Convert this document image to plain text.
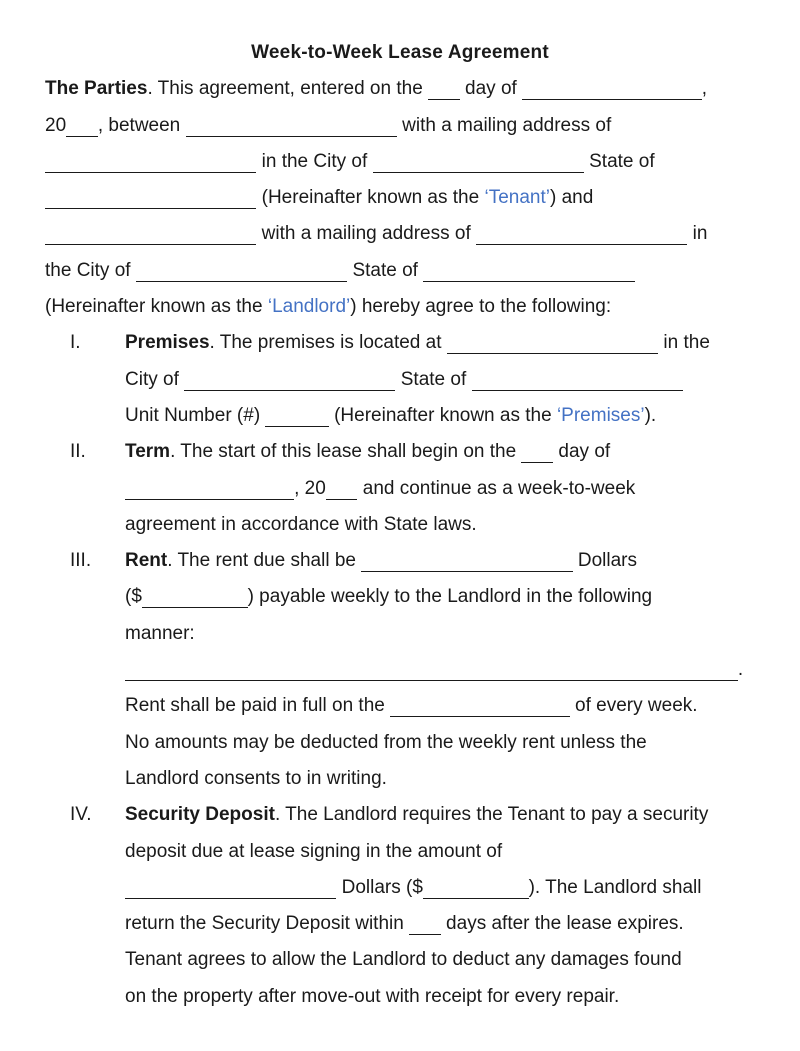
Week-to-Week Lease Agreement
The Parties. This agreement, entered on the day of	,
20 , between	with a mailing address of
in the City of	State of
(Hereinafter known as the ‘Tenant’) and
with a mailing address of	in
the City of	State of
(Hereinafter known as the ‘Landlord’) hereby agree to the following:
I. Premises. The premises is located at	in the
City of	State of
Unit Number (#)	(Hereinafter known as the ‘Premises’).
II. Term. The start of this lease shall begin on the day of
, 20 and continue as a week-to-week
agreement in accordance with State laws.
III. Rent. The rent due shall be	Dollars
($	) payable weekly to the Landlord in the following
manner:
.
Rent shall be paid in full on the	of every week.
No amounts may be deducted from the weekly rent unless the
Landlord consents to in writing.
IV. Security Deposit. The Landlord requires the Tenant to pay a security
deposit due at lease signing in the amount of
Dollars ($	). The Landlord shall
return the Security Deposit within days after the lease expires.
Tenant agrees to allow the Landlord to deduct any damages found
on the property after move-out with receipt for every repair.
